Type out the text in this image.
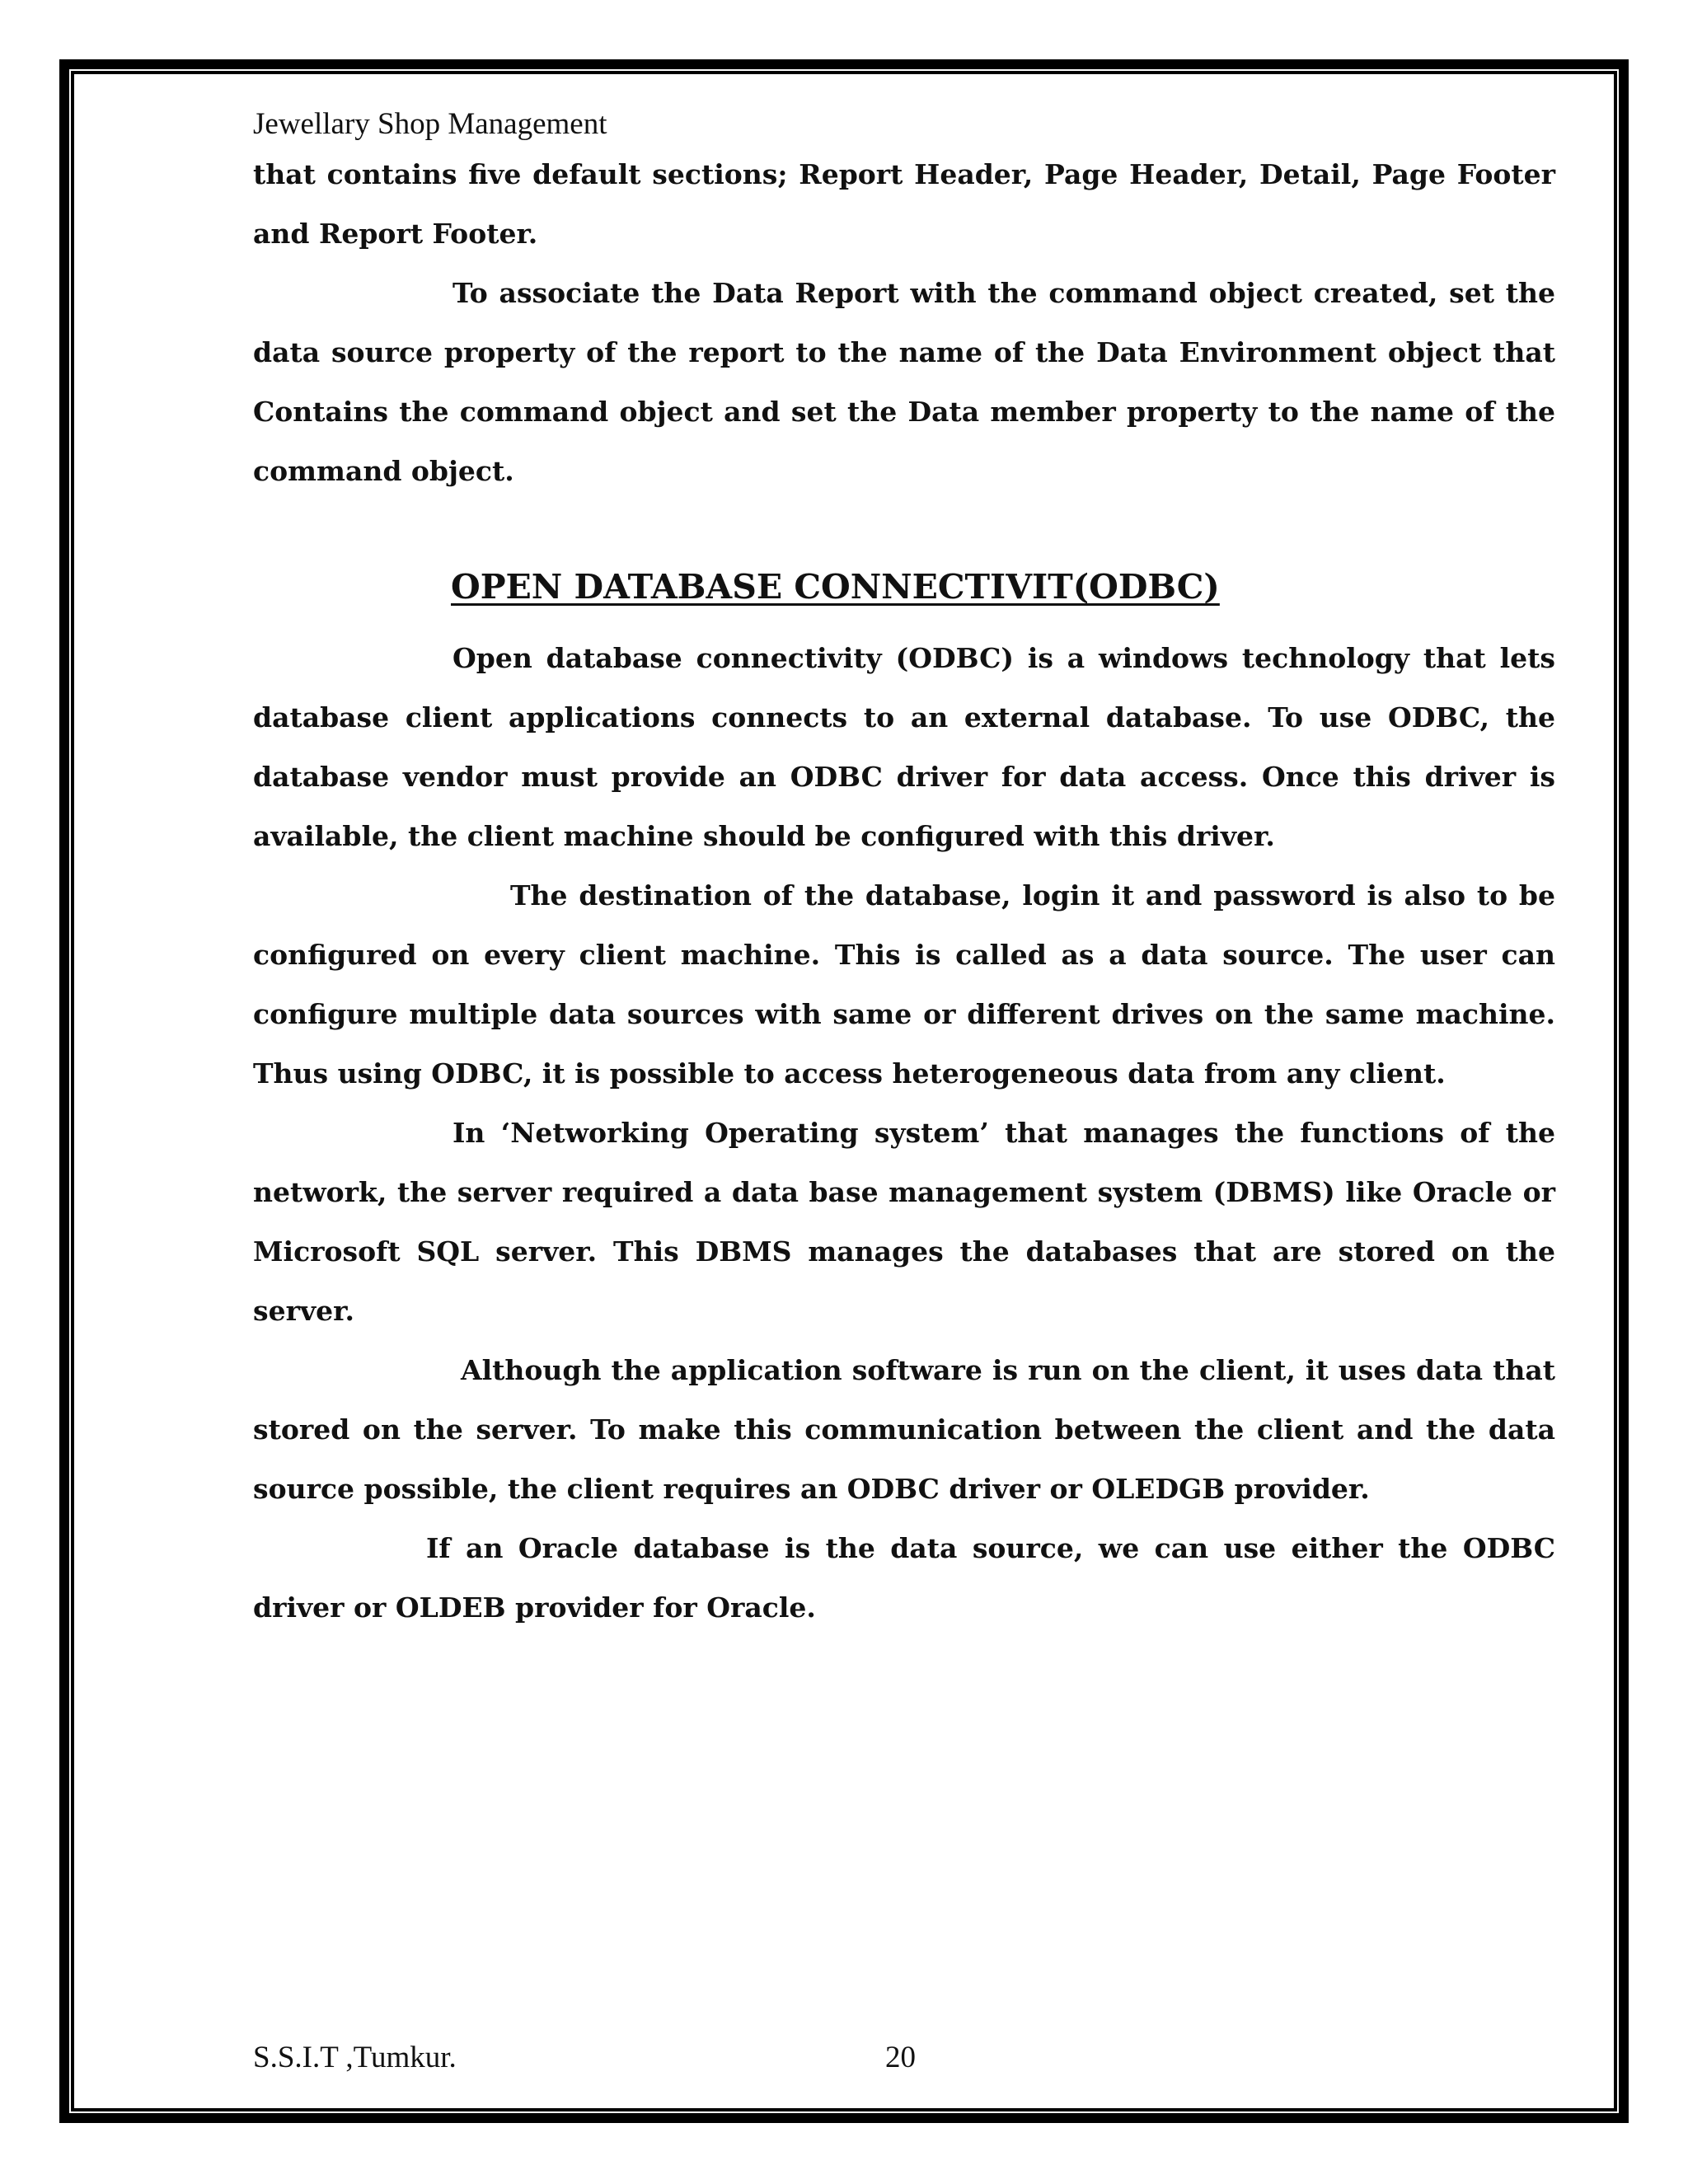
Jewellary Shop Management

that contains five default sections; Report Header, Page Header, Detail, Page Footer and Report Footer.

To associate the Data Report with the command object created, set the data source property of the report to the name of the Data Environment object that Contains the command object and set the Data member property to the name of the command object.

OPEN DATABASE CONNECTIVIT(ODBC)

Open database connectivity (ODBC) is a windows technology that lets database client applications connects to an external database. To use ODBC, the database vendor must provide an ODBC driver for data access. Once this driver is available, the client machine should be configured with this driver.

The destination of the database, login it and password is also to be configured on every client machine. This is called as a data source. The user can configure multiple data sources with same or different drives on the same machine. Thus using ODBC, it is possible to access heterogeneous data from any client.

In ‘Networking Operating system’ that manages the functions of the network, the server required a data base management system (DBMS) like Oracle or Microsoft SQL server. This DBMS manages the databases that are stored on the server.

Although the application software is run on the client, it uses data that stored on the server. To make this communication between the client and the data source possible, the client requires an ODBC driver or OLEDGB provider.

If an Oracle database is the data source, we can use either the ODBC driver or OLDEB provider for Oracle.

S.S.I.T ,Tumkur.	20
